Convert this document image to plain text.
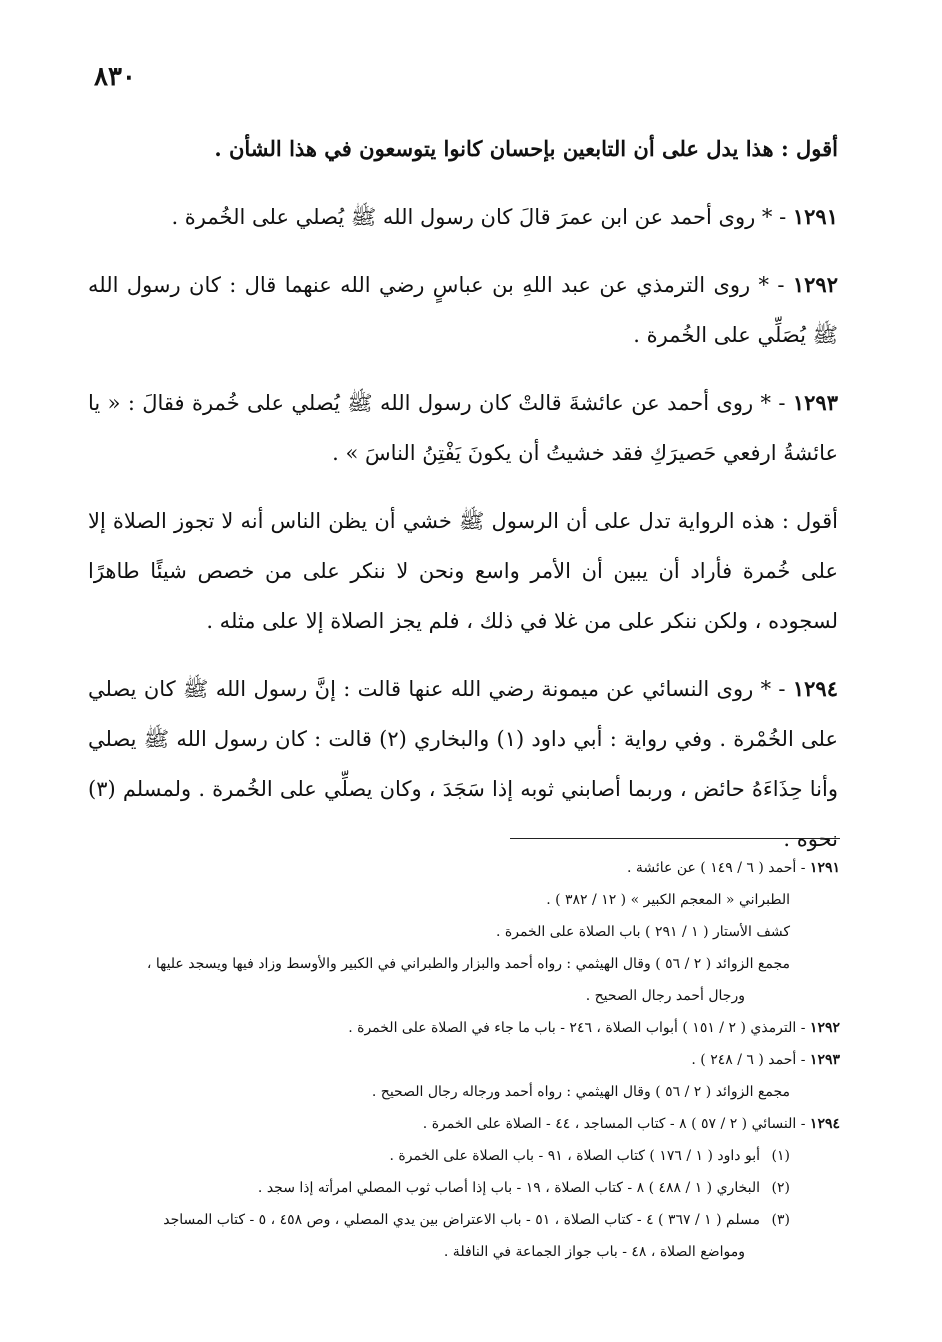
٨٣٠

أقول : هذا يدل على أن التابعين بإحسان كانوا يتوسعون في هذا الشأن .

١٢٩١ - * روى أحمد عن ابن عمرَ قالَ كان رسول الله ﷺ يُصلي على الخُمرة .

١٢٩٢ - * روى الترمذي عن عبد اللهِ بن عباسٍ رضي الله عنهما قال : كان رسول الله ﷺ يُصَلِّي على الخُمرة .

١٢٩٣ - * روى أحمد عن عائشةَ قالتْ كان رسول الله ﷺ يُصلي على خُمرة فقالَ : « يا عائشةُ ارفعي حَصيرَكِ فقد خشيتُ أن يكونَ يَفْتِنُ الناسَ » .

أقول : هذه الرواية تدل على أن الرسول ﷺ خشي أن يظن الناس أنه لا تجوز الصلاة إلا على خُمرة فأراد أن يبين أن الأمر واسع ونحن لا ننكر على من خصص شيئًا طاهرًا لسجوده ، ولكن ننكر على من غلا في ذلك ، فلم يجز الصلاة إلا على مثله .

١٢٩٤ - * روى النسائي عن ميمونة رضي الله عنها قالت : إنَّ رسول الله ﷺ كان يصلي على الخُمْرة . وفي رواية : أبي داود (١) والبخاري (٢) قالت : كان رسول الله ﷺ يصلي وأنا حِذَاءَهُ حائض ، وربما أصابني ثوبه إذا سَجَدَ ، وكان يصلِّي على الخُمرة . ولمسلم (٣) نحوه .

١٢٩١ - أحمد ( ٦ / ١٤٩ ) عن عائشة .
الطبراني « المعجم الكبير » ( ١٢ / ٣٨٢ ) .
كشف الأستار ( ١ / ٢٩١ ) باب الصلاة على الخمرة .
مجمع الزوائد ( ٢ / ٥٦ ) وقال الهيثمي : رواه أحمد والبزار والطبراني في الكبير والأوسط وزاد فيها ويسجد عليها ،
ورجال أحمد رجال الصحيح .
١٢٩٢ - الترمذي ( ٢ / ١٥١ ) أبواب الصلاة ، ٢٤٦ - باب ما جاء في الصلاة على الخمرة .
١٢٩٣ - أحمد ( ٦ / ٢٤٨ ) .
مجمع الزوائد ( ٢ / ٥٦ ) وقال الهيثمي : رواه أحمد ورجاله رجال الصحيح .
١٢٩٤ - النسائي ( ٢ / ٥٧ ) ٨ - كتاب المساجد ، ٤٤ - الصلاة على الخمرة .
(١)أبو داود ( ١ / ١٧٦ ) كتاب الصلاة ، ٩١ - باب الصلاة على الخمرة .
(٢)البخاري ( ١ / ٤٨٨ ) ٨ - كتاب الصلاة ، ١٩ - باب إذا أصاب ثوب المصلي امرأته إذا سجد .
(٣)مسلم ( ١ / ٣٦٧ ) ٤ - كتاب الصلاة ، ٥١ - باب الاعتراض بين يدي المصلي ، وص ٤٥٨ ، ٥ - كتاب المساجد
ومواضع الصلاة ، ٤٨ - باب جواز الجماعة في النافلة .
